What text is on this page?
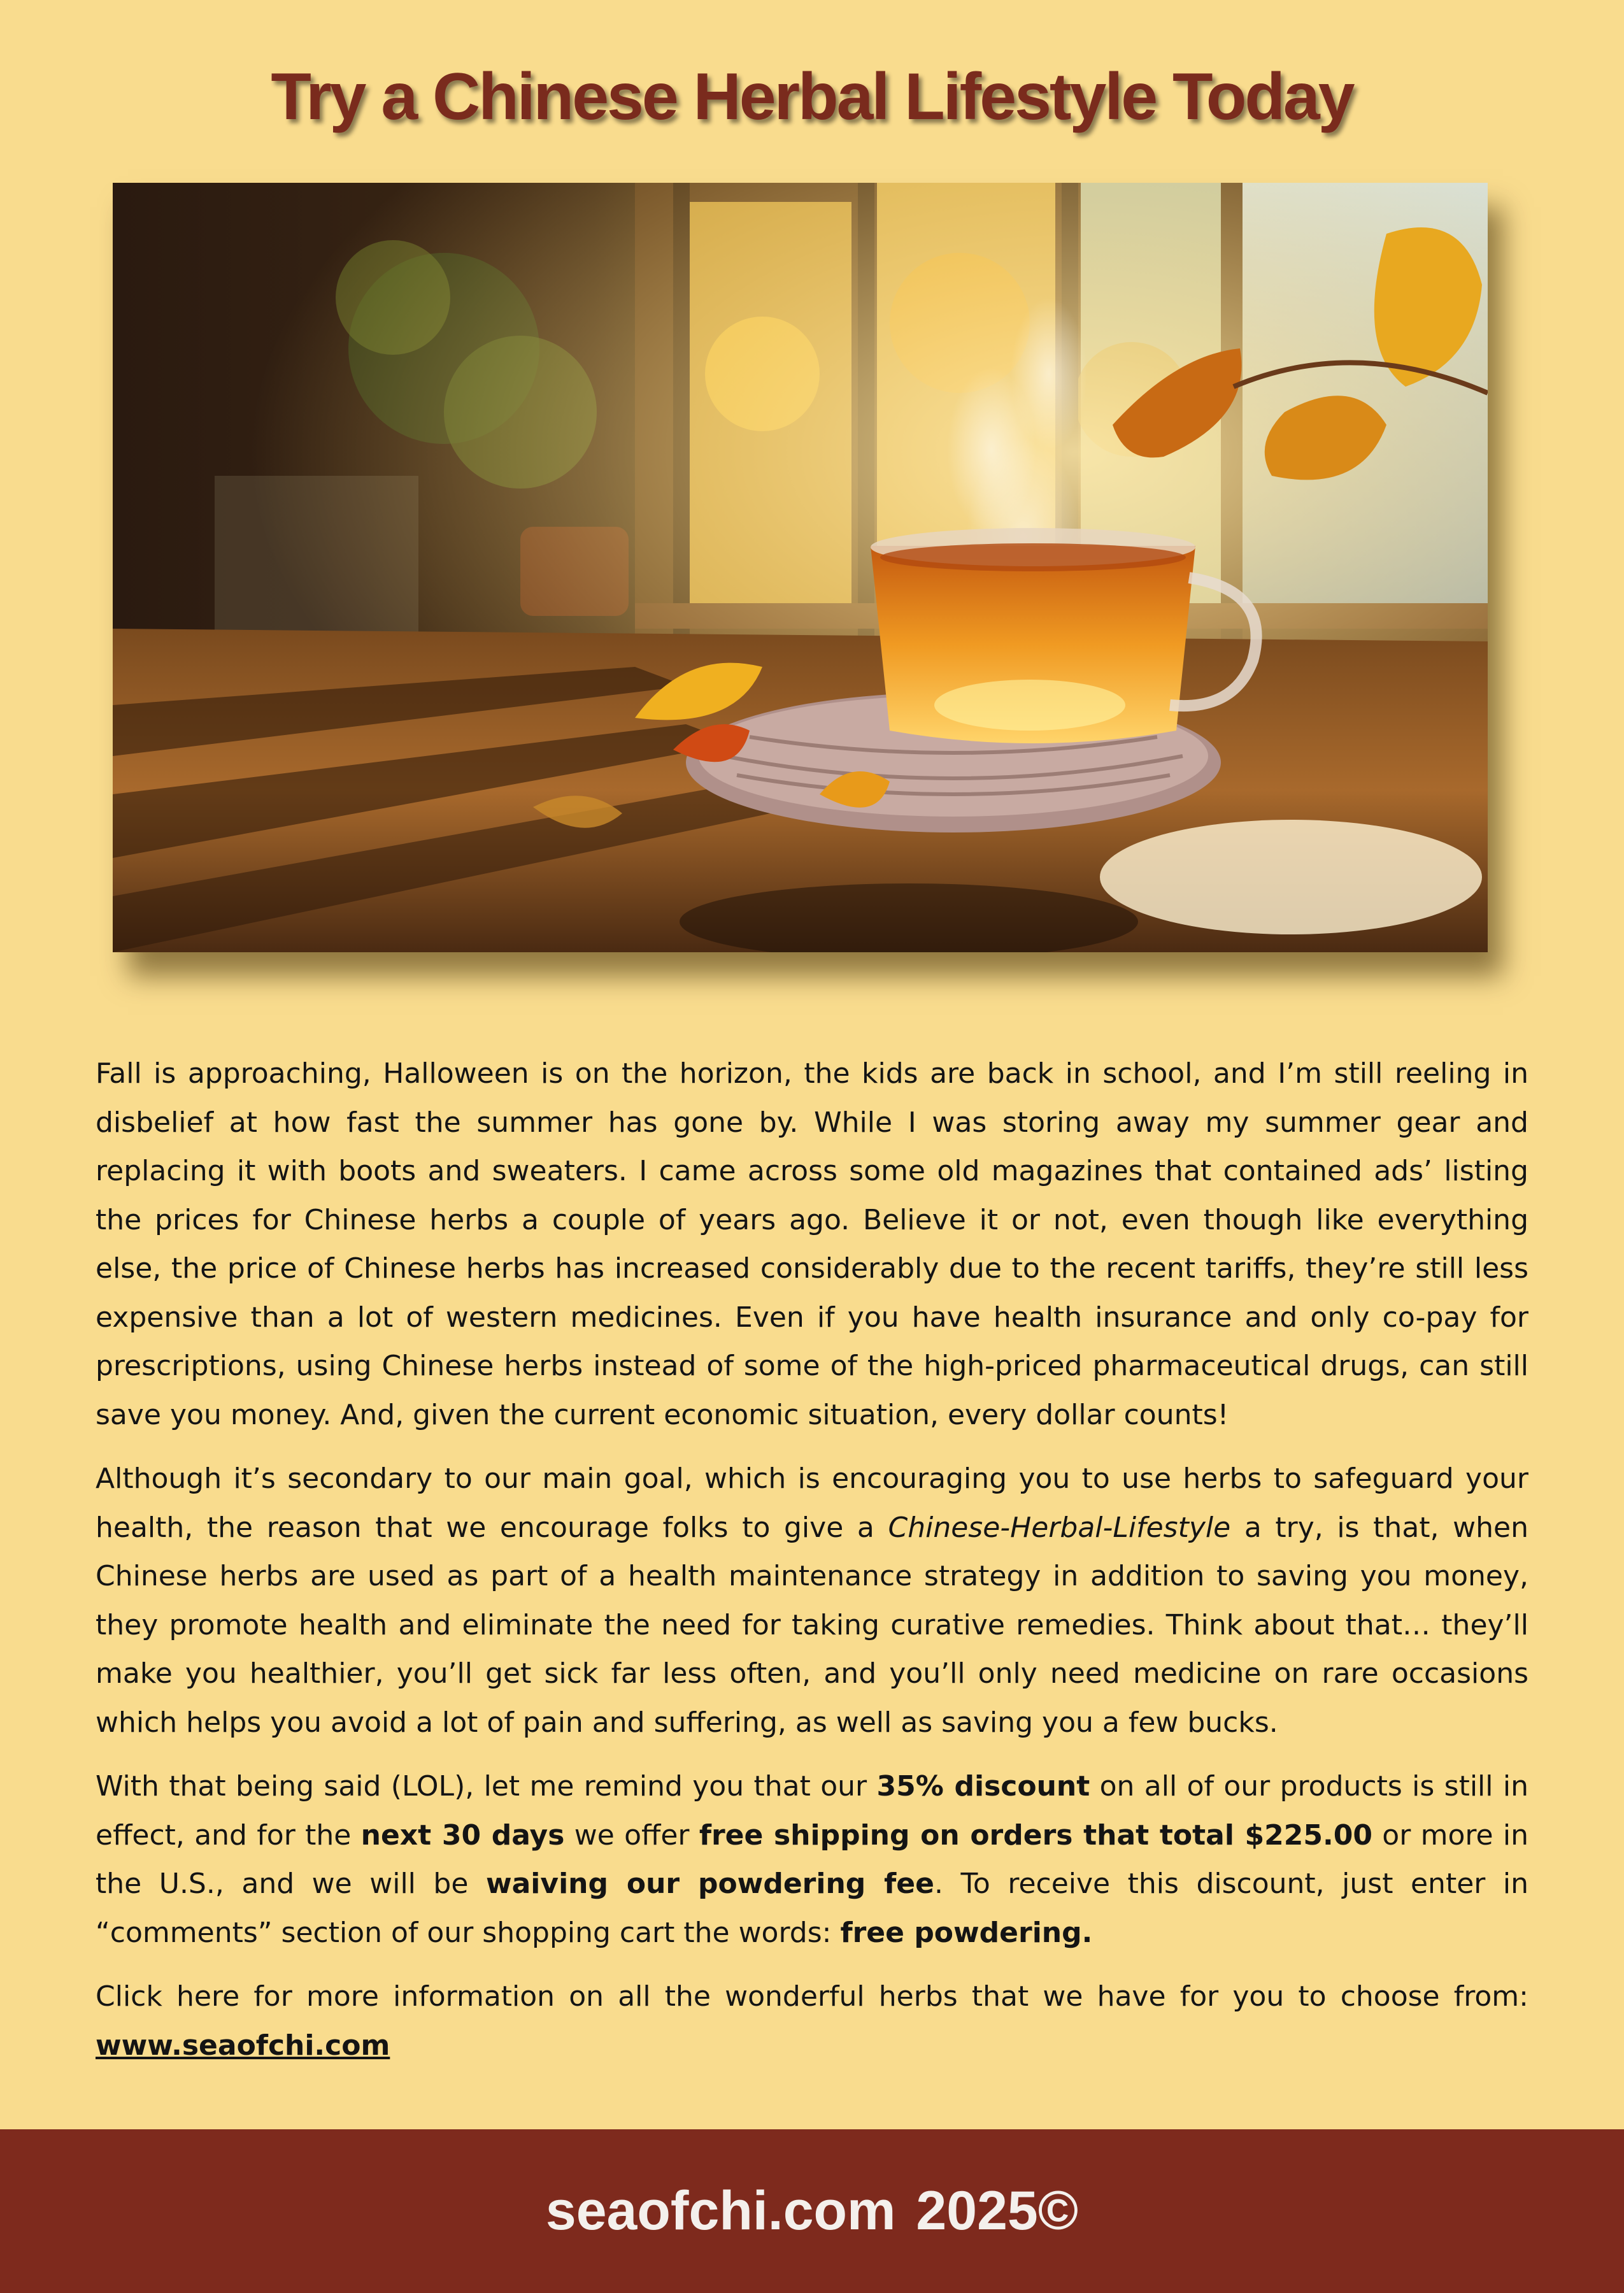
Try a Chinese Herbal Lifestyle Today

Fall is approaching, Halloween is on the horizon, the kids are back in school, and I’m still reeling in disbelief at how fast the summer has gone by. While I was storing away my summer gear and replacing it with boots and sweaters. I came across some old magazines that contained ads’ listing the prices for Chinese herbs a couple of years ago. Believe it or not, even though like everything else, the price of Chinese herbs has increased considerably due to the recent tariffs, they’re still less expensive than a lot of western medicines. Even if you have health insurance and only co-pay for prescriptions, using Chinese herbs instead of some of the high-priced pharmaceutical drugs, can still save you money. And, given the current economic situation, every dollar counts!

Although it’s secondary to our main goal, which is encouraging you to use herbs to safeguard your health, the reason that we encourage folks to give a Chinese-Herbal-Lifestyle a try, is that, when Chinese herbs are used as part of a health maintenance strategy in addition to saving you money, they promote health and eliminate the need for taking curative remedies. Think about that… they’ll make you healthier, you’ll get sick far less often, and you’ll only need medicine on rare occasions which helps you avoid a lot of pain and suffering, as well as saving you a few bucks.

With that being said (LOL), let me remind you that our 35% discount on all of our products is still in effect, and for the next 30 days we offer free shipping on orders that total $225.00 or more in the U.S., and we will be waiving our powdering fee. To receive this discount, just enter in “comments” section of our shopping cart the words: free powdering.

Click here for more information on all the wonderful herbs that we have for you to choose from: www.seaofchi.com

seaofchi.com 2025©
